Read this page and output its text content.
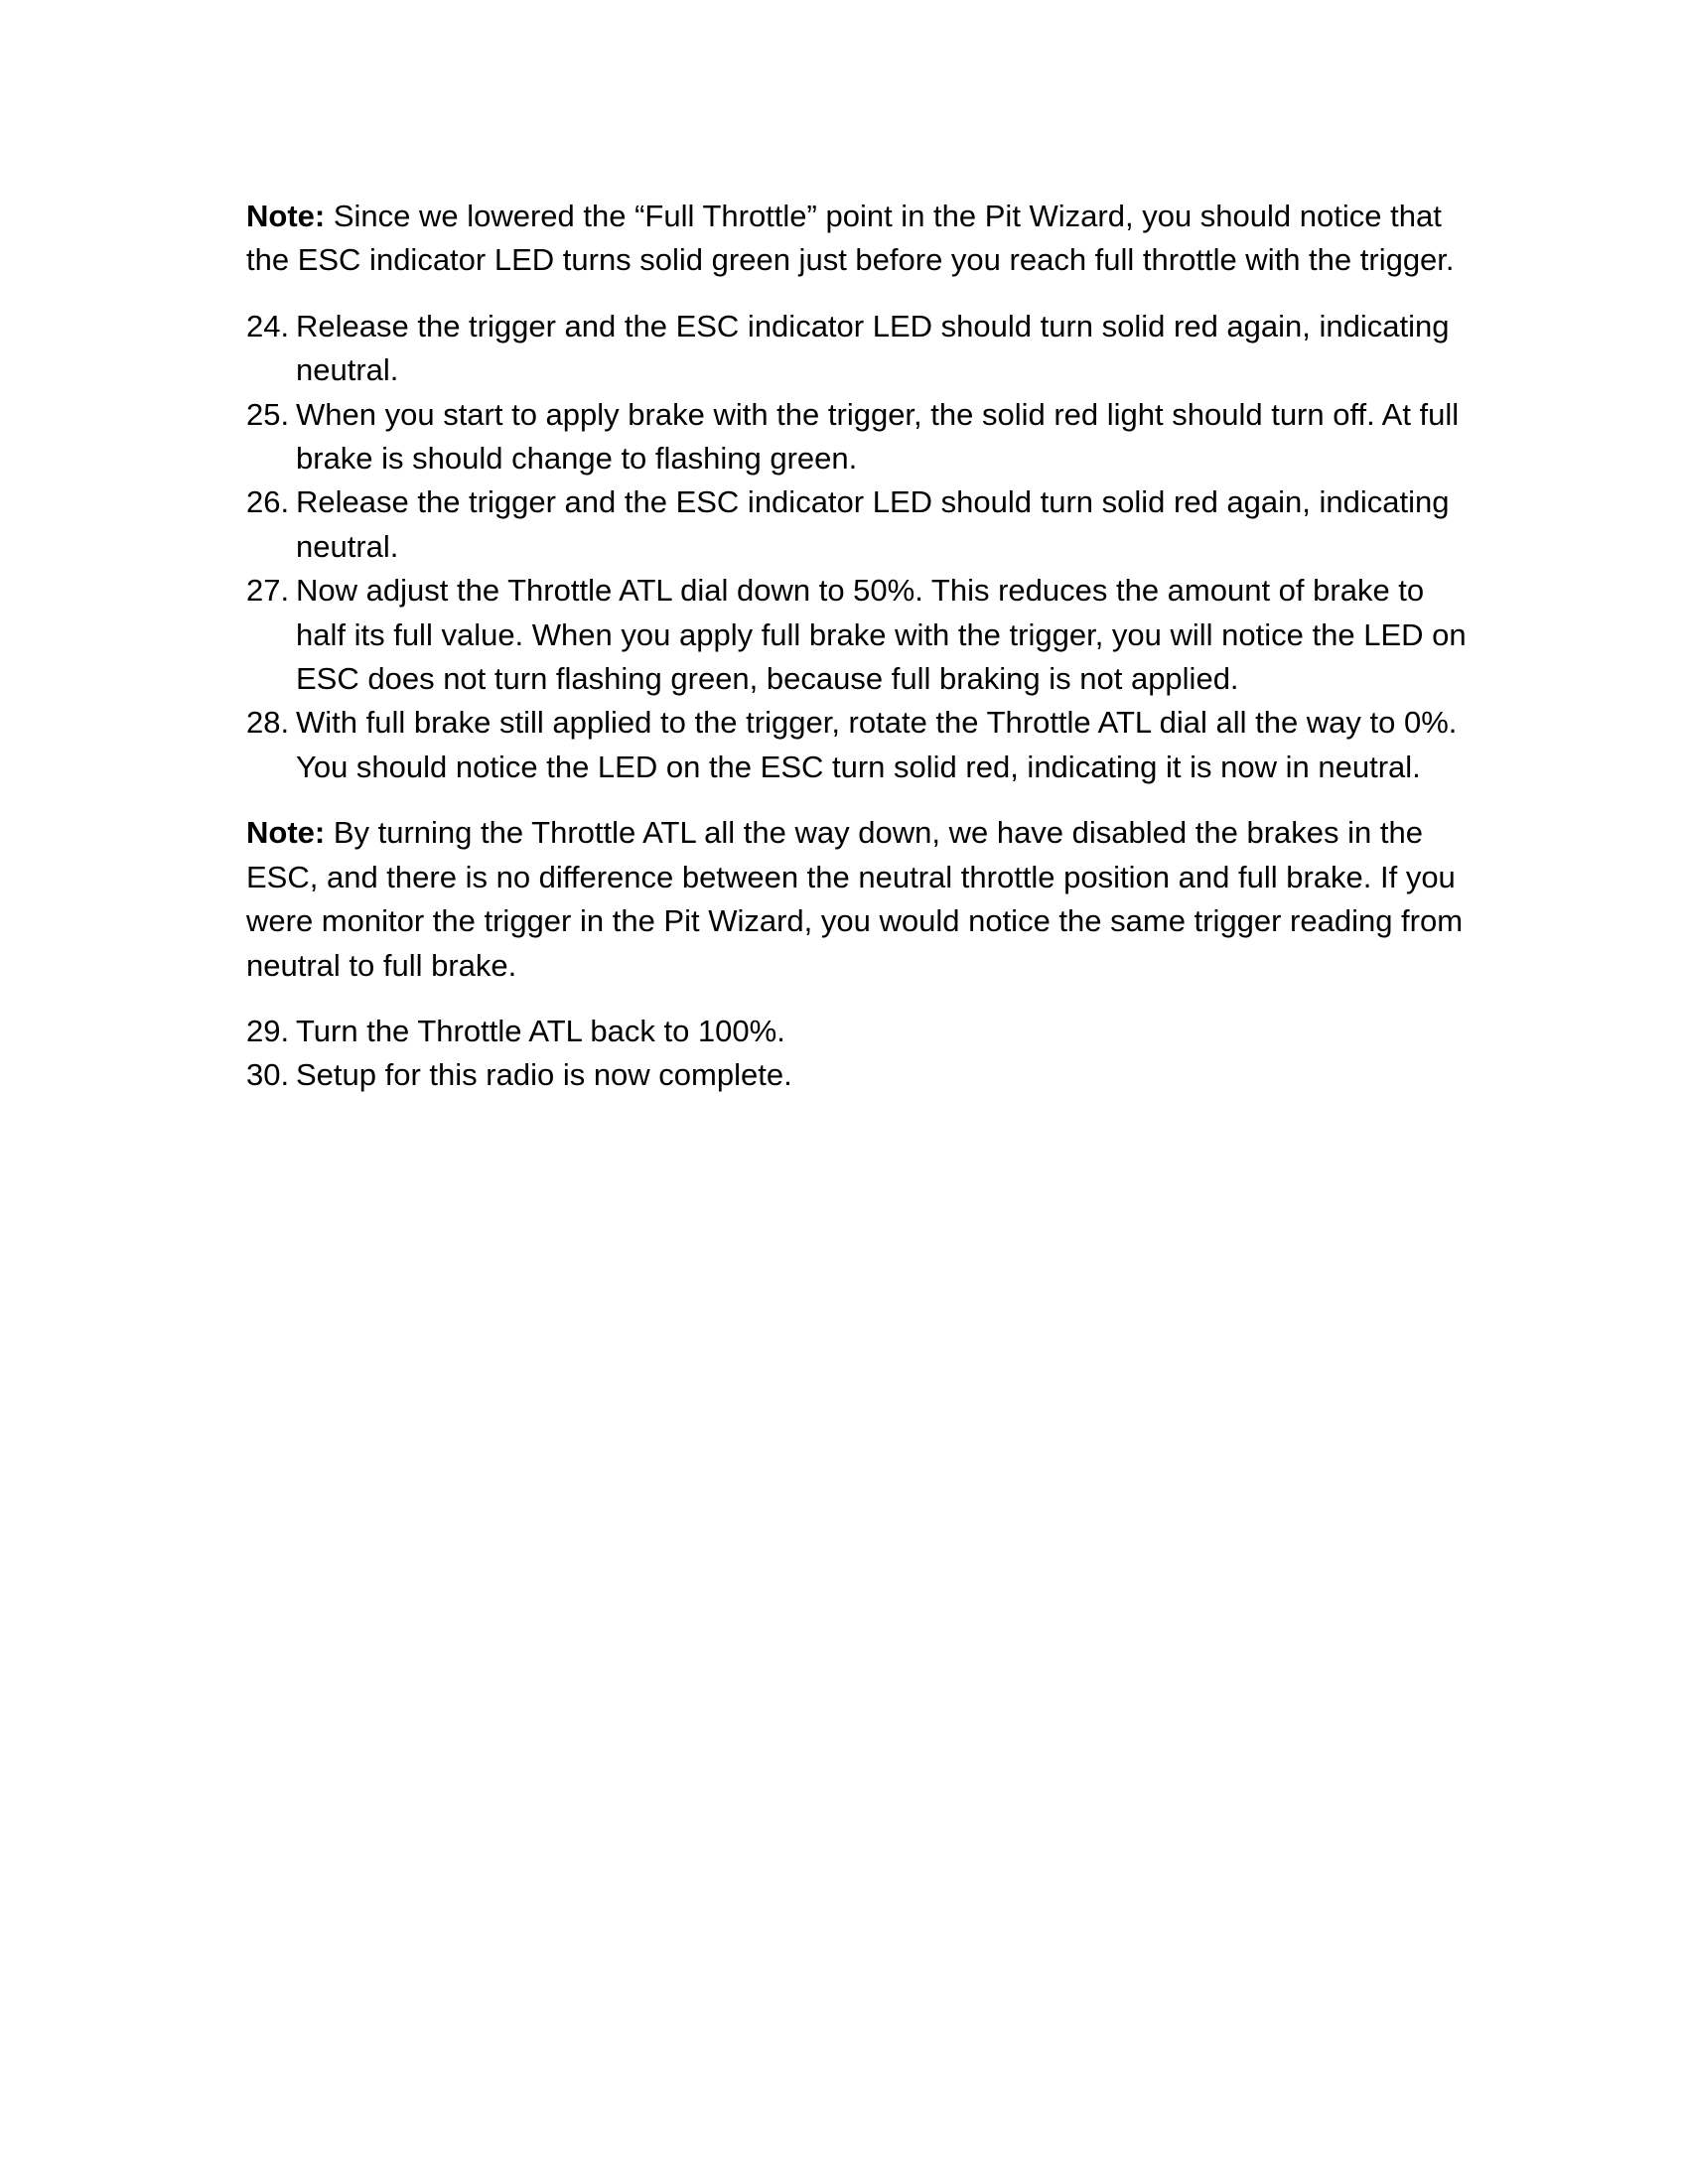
Note: Since we lowered the “Full Throttle” point in the Pit Wizard, you should notice that the ESC indicator LED turns solid green just before you reach full throttle with the trigger.

24. Release the trigger and the ESC indicator LED should turn solid red again, indicating neutral.
25. When you start to apply brake with the trigger, the solid red light should turn off. At full brake is should change to flashing green.
26. Release the trigger and the ESC indicator LED should turn solid red again, indicating neutral.
27. Now adjust the Throttle ATL dial down to 50%. This reduces the amount of brake to half its full value. When you apply full brake with the trigger, you will notice the LED on ESC does not turn flashing green, because full braking is not applied.
28. With full brake still applied to the trigger, rotate the Throttle ATL dial all the way to 0%. You should notice the LED on the ESC turn solid red, indicating it is now in neutral.

Note: By turning the Throttle ATL all the way down, we have disabled the brakes in the ESC, and there is no difference between the neutral throttle position and full brake. If you were monitor the trigger in the Pit Wizard, you would notice the same trigger reading from neutral to full brake.

29. Turn the Throttle ATL back to 100%.
30. Setup for this radio is now complete.
